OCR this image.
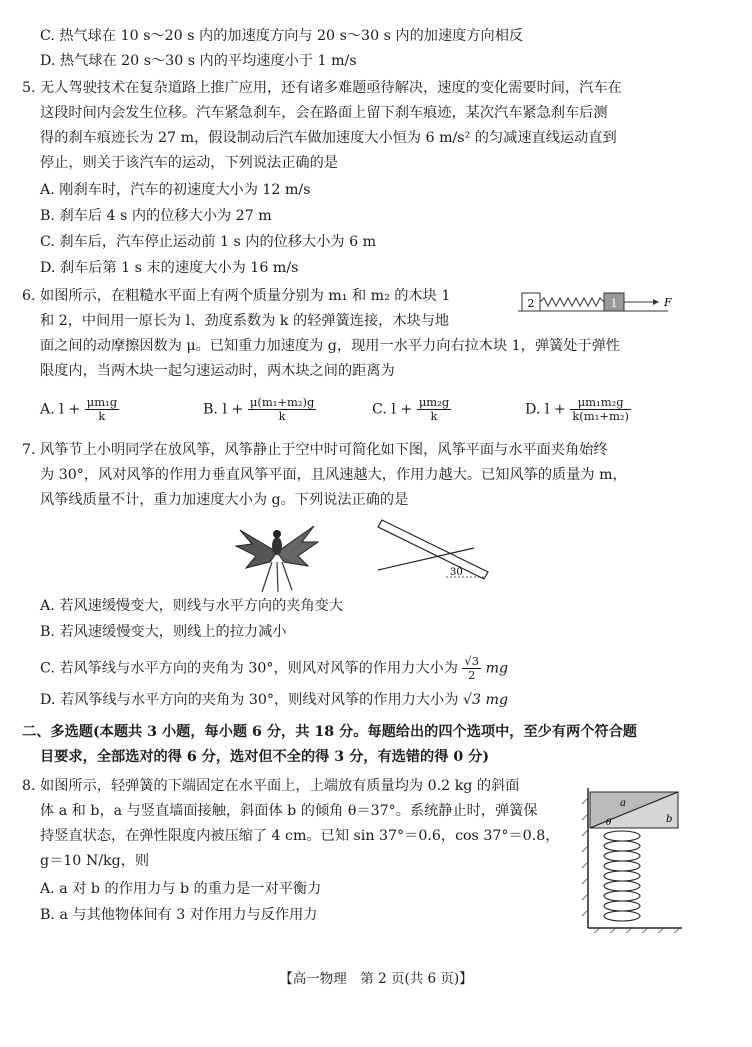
C. 热气球在 10 s～20 s 内的加速度方向与 20 s～30 s 内的加速度方向相反
D. 热气球在 20 s～30 s 内的平均速度小于 1 m/s
5. 无人驾驶技术在复杂道路上推广应用，还有诸多难题亟待解决，速度的变化需要时间，汽车在
这段时间内会发生位移。汽车紧急刹车，会在路面上留下刹车痕迹，某次汽车紧急刹车后测
得的刹车痕迹长为 27 m，假设制动后汽车做加速度大小恒为 6 m/s² 的匀减速直线运动直到
停止，则关于该汽车的运动，下列说法正确的是
A. 刚刹车时，汽车的初速度大小为 12 m/s
B. 刹车后 4 s 内的位移大小为 27 m
C. 刹车后，汽车停止运动前 1 s 内的位移大小为 6 m
D. 刹车后第 1 s 末的速度大小为 16 m/s
6. 如图所示，在粗糙水平面上有两个质量分别为 m₁ 和 m₂ 的木块 1
和 2，中间用一原长为 l、劲度系数为 k 的轻弹簧连接，木块与地
面之间的动摩擦因数为 μ。已知重力加速度为 g，现用一水平力向右拉木块 1，弹簧处于弹性
限度内，当两木块一起匀速运动时，两木块之间的距离为
2	1	F
A. $l + \frac{\text{μm₁g}}{k}$	B. $l + \frac{\text{μ(m₁+m₂)g}}{k}$	C. $l + \frac{\text{μm₂g}}{k}$	D. $l + \frac{\text{μm₁m₂g}}{\text{k(m₁+m₂)}}$
7. 风筝节上小明同学在放风筝，风筝静止于空中时可简化如下图，风筝平面与水平面夹角始终
为 30°，风对风筝的作用力垂直风筝平面，且风速越大，作用力越大。已知风筝的质量为 m，
风筝线质量不计，重力加速度大小为 g。下列说法正确的是
30
A. 若风速缓慢变大，则线与水平方向的夹角变大
B. 若风速缓慢变大，则线上的拉力减小
C. 若风筝线与水平方向的夹角为 30°，则风对风筝的作用力大小为 $\frac{√3}{2}$ mg
D. 若风筝线与水平方向的夹角为 30°，则线对风筝的作用力大小为 √3 mg
二、多选题(本题共 3 小题，每小题 6 分，共 18 分。每题给出的四个选项中，至少有两个符合题
目要求，全部选对的得 6 分，选对但不全的得 3 分，有选错的得 0 分)
8. 如图所示，轻弹簧的下端固定在水平面上，上端放有质量均为 0.2 kg 的斜面
体 a 和 b，a 与竖直墙面接触，斜面体 b 的倾角 θ＝37°。系统静止时，弹簧保
持竖直状态，在弹性限度内被压缩了 4 cm。已知 sin 37°＝0.6，cos 37°＝0.8，
g＝10 N/kg，则
A. a 对 b 的作用力与 b 的重力是一对平衡力
B. a 与其他物体间有 3 对作用力与反作用力
a
b
θ
【高一物理　第 2 页(共 6 页)】
